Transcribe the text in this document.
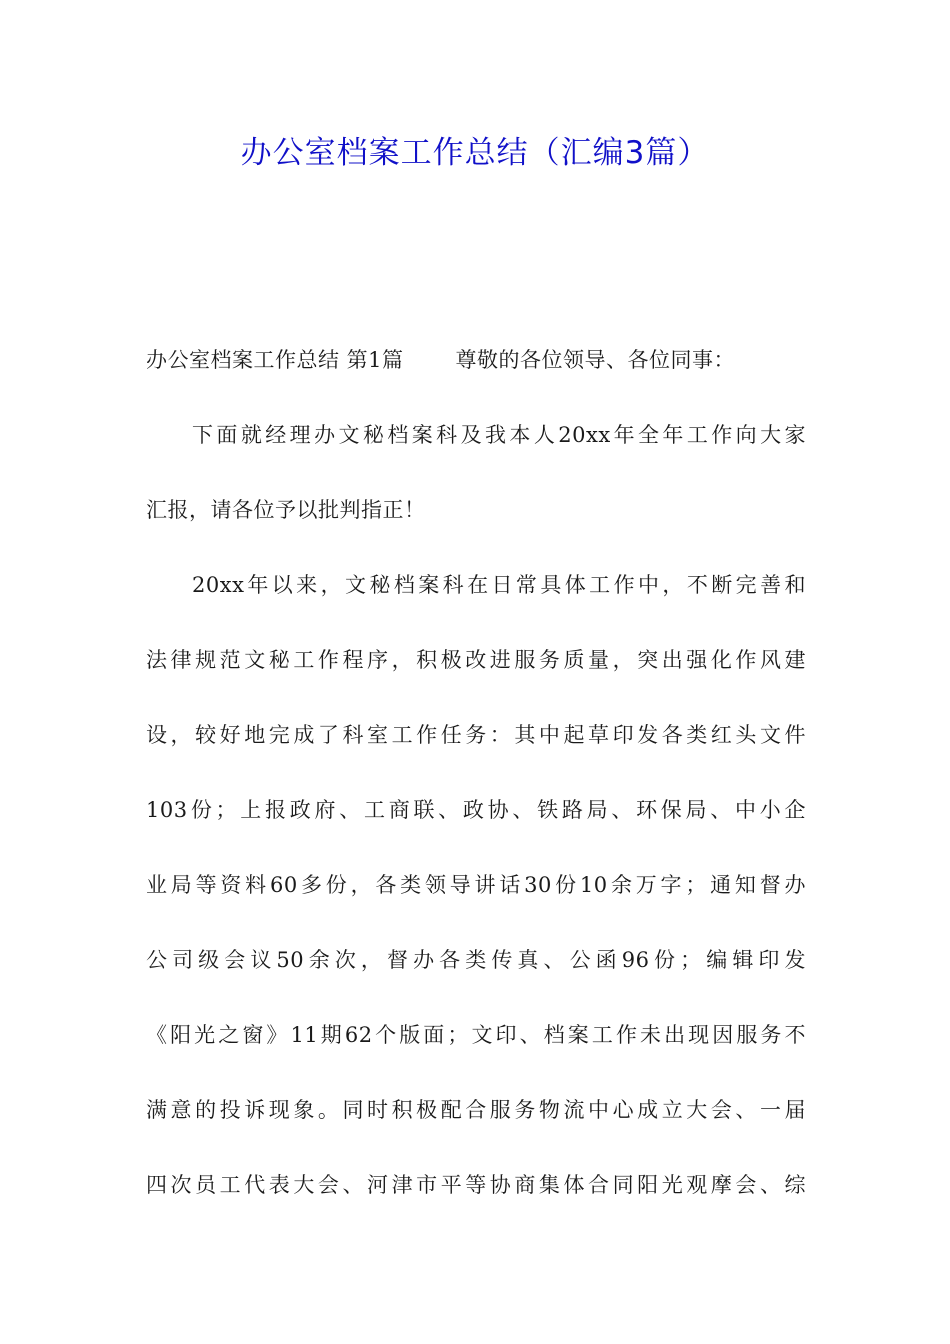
办公室档案工作总结（汇编3篇）
办公室档案工作总结 第1篇 尊敬的各位领导、各位同事：
下面就经理办文秘档案科及我本人20xx年全年工作向大家
汇报，请各位予以批判指正！
20xx年以来，文秘档案科在日常具体工作中，不断完善和
法律规范文秘工作程序，积极改进服务质量，突出强化作风建
设，较好地完成了科室工作任务：其中起草印发各类红头文件
103份；上报政府、工商联、政协、铁路局、环保局、中小企
业局等资料60多份，各类领导讲话30份10余万字；通知督办
公司级会议50余次，督办各类传真、公函96份；编辑印发
《阳光之窗》11期62个版面；文印、档案工作未出现因服务不
满意的投诉现象。同时积极配合服务物流中心成立大会、一届
四次员工代表大会、河津市平等协商集体合同阳光观摩会、综
